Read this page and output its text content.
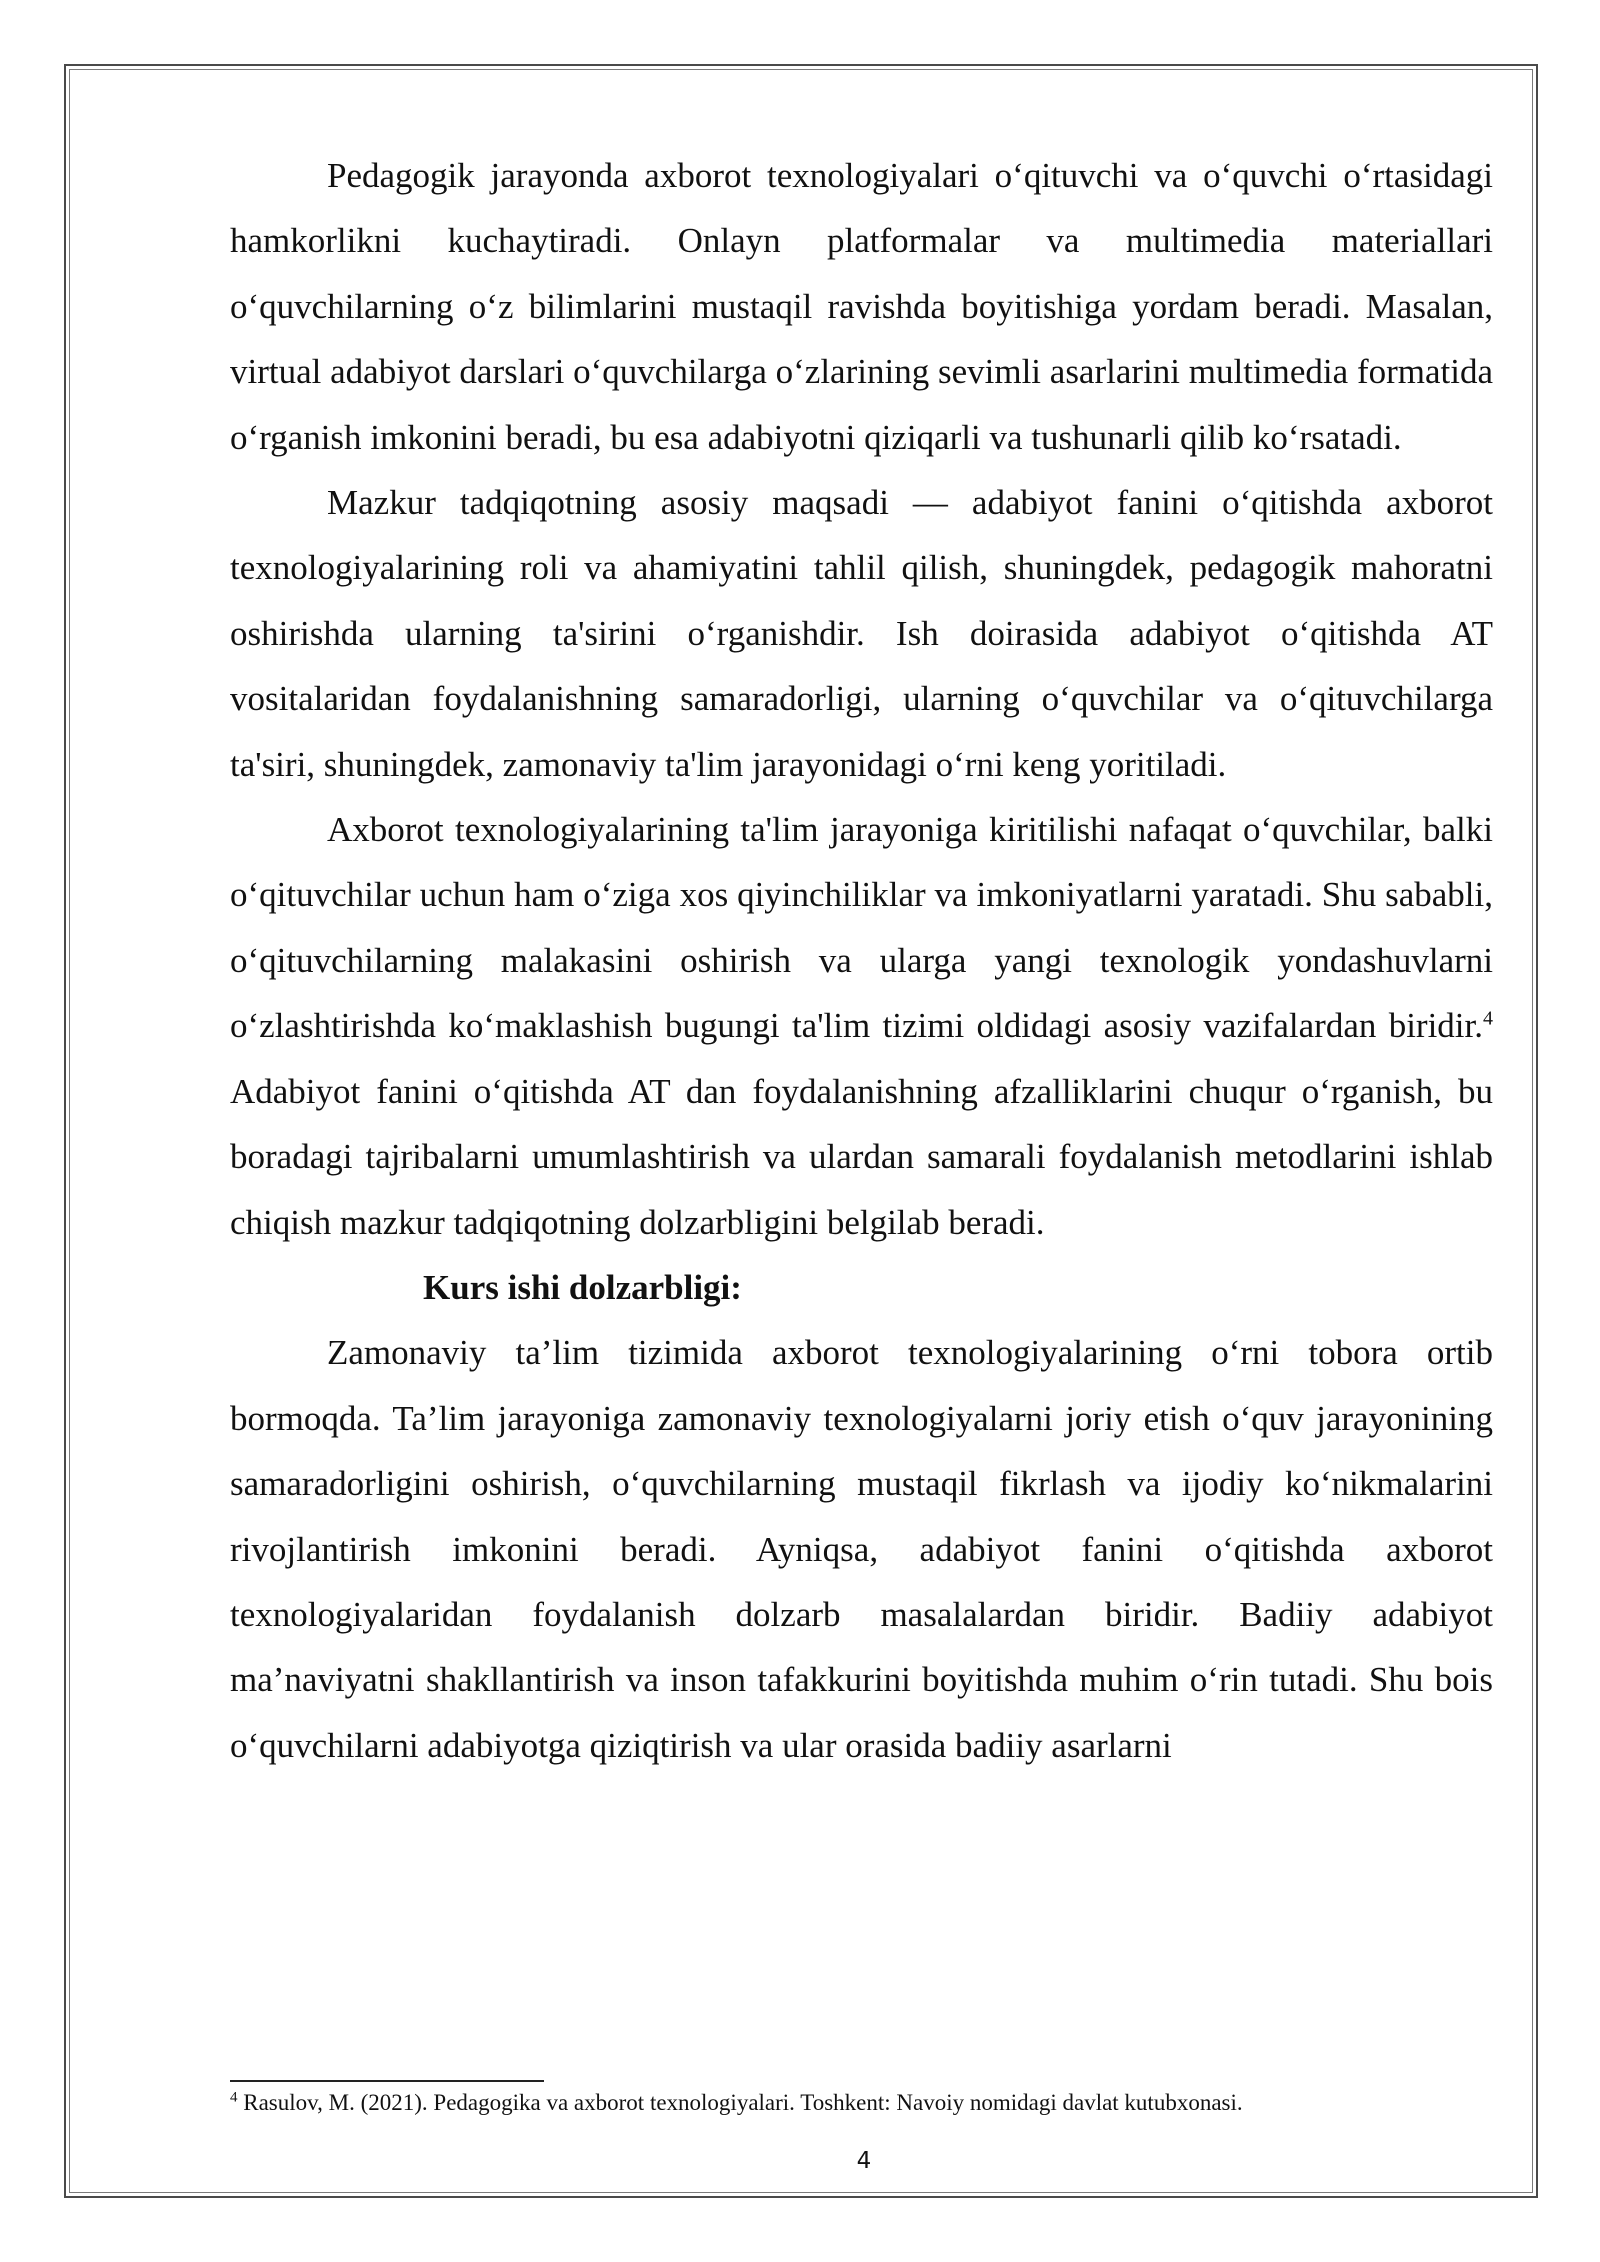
Pedagogik jarayonda axborot texnologiyalari o‘qituvchi va o‘quvchi o‘rtasidagi hamkorlikni kuchaytiradi. Onlayn platformalar va multimedia materiallari o‘quvchilarning o‘z bilimlarini mustaqil ravishda boyitishiga yordam beradi. Masalan, virtual adabiyot darslari o‘quvchilarga o‘zlarining sevimli asarlarini multimedia formatida o‘rganish imkonini beradi, bu esa adabiyotni qiziqarli va tushunarli qilib ko‘rsatadi.

Mazkur tadqiqotning asosiy maqsadi — adabiyot fanini o‘qitishda axborot texnologiyalarining roli va ahamiyatini tahlil qilish, shuningdek, pedagogik mahoratni oshirishda ularning ta'sirini o‘rganishdir. Ish doirasida adabiyot o‘qitishda AT vositalaridan foydalanishning samaradorligi, ularning o‘quvchilar va o‘qituvchilarga ta'siri, shuningdek, zamonaviy ta'lim jarayonidagi o‘rni keng yoritiladi.

Axborot texnologiyalarining ta'lim jarayoniga kiritilishi nafaqat o‘quvchilar, balki o‘qituvchilar uchun ham o‘ziga xos qiyinchiliklar va imkoniyatlarni yaratadi. Shu sababli, o‘qituvchilarning malakasini oshirish va ularga yangi texnologik yondashuvlarni o‘zlashtirishda ko‘maklashish bugungi ta'lim tizimi oldidagi asosiy vazifalardan biridir.$^4$ Adabiyot fanini o‘qitishda AT dan foydalanishning afzalliklarini chuqur o‘rganish, bu boradagi tajribalarni umumlashtirish va ulardan samarali foydalanish metodlarini ishlab chiqish mazkur tadqiqotning dolzarbligini belgilab beradi.

Kurs ishi dolzarbligi:

Zamonaviy ta’lim tizimida axborot texnologiyalarining o‘rni tobora ortib bormoqda. Ta’lim jarayoniga zamonaviy texnologiyalarni joriy etish o‘quv jarayonining samaradorligini oshirish, o‘quvchilarning mustaqil fikrlash va ijodiy ko‘nikmalarini rivojlantirish imkonini beradi. Ayniqsa, adabiyot fanini o‘qitishda axborot texnologiyalaridan foydalanish dolzarb masalalardan biridir. Badiiy adabiyot ma’naviyatni shakllantirish va inson tafakkurini boyitishda muhim o‘rin tutadi. Shu bois o‘quvchilarni adabiyotga qiziqtirish va ular orasida badiiy asarlarni

$^4$ Rasulov, M. (2021). Pedagogika va axborot texnologiyalari. Toshkent: Navoiy nomidagi davlat kutubxonasi.
4
